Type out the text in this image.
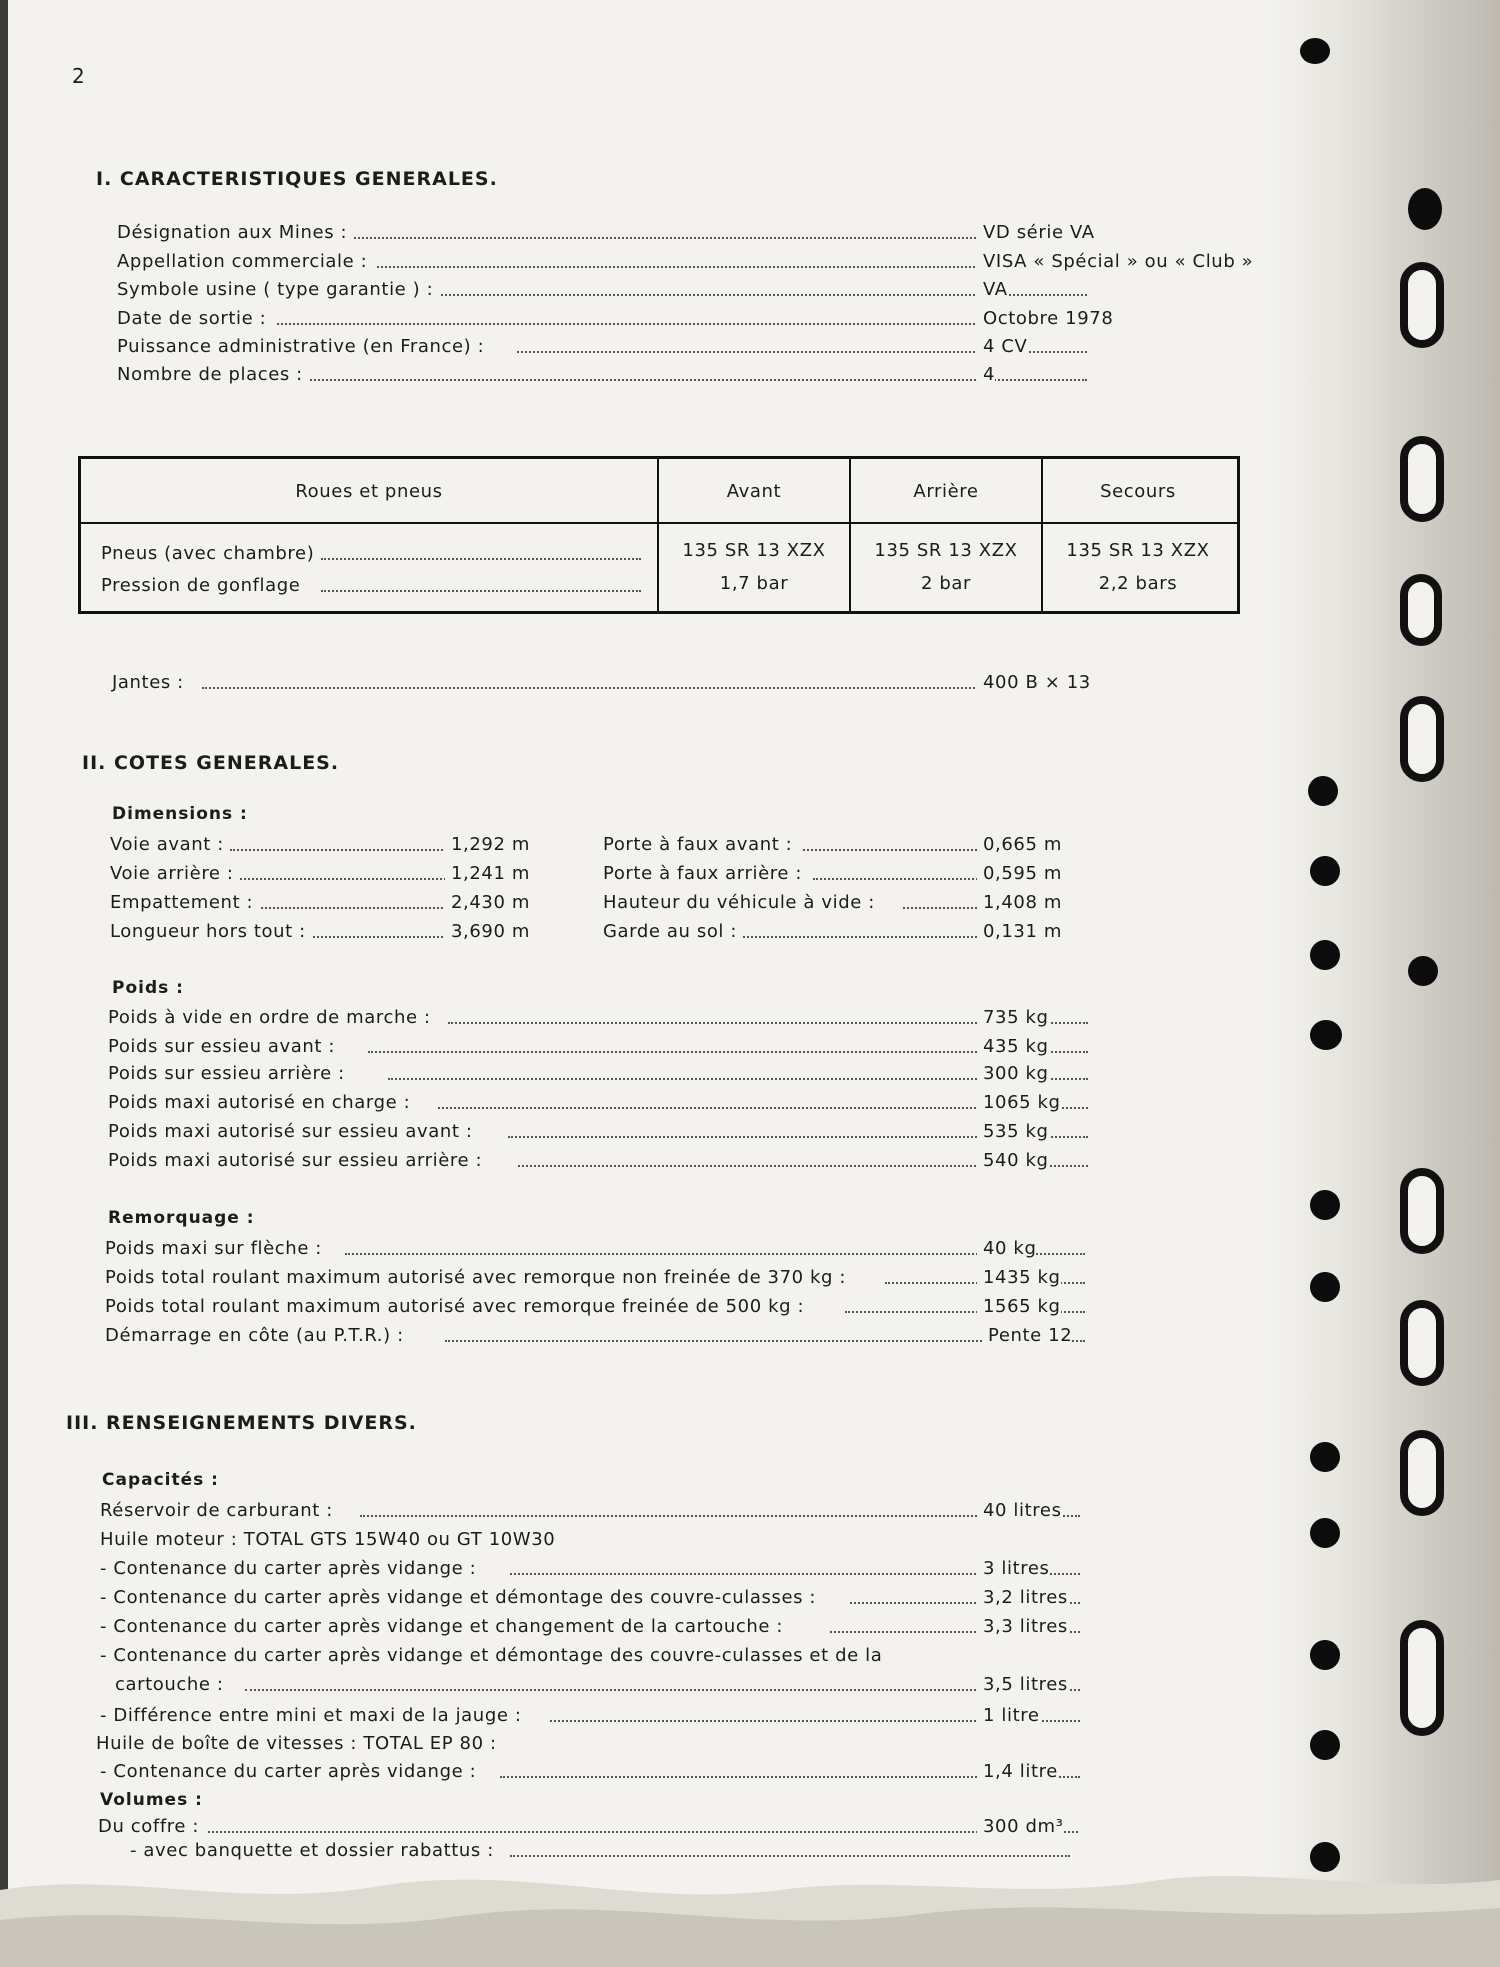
2
I. CARACTERISTIQUES GENERALES.
Désignation aux Mines :	VD série VA
Appellation commerciale :	VISA « Spécial » ou « Club »
Symbole usine ( type garantie ) :	VA
Date de sortie :	Octobre 1978
Puissance administrative (en France) :	4 CV
Nombre de places :	4
Roues et pneus	Avant	Arrière	Secours
Pneus (avec chambre)	135 SR 13 XZX	135 SR 13 XZX	135 SR 13 XZX
Pression de gonflage	1,7 bar	2 bar	2,2 bars
Jantes :	400 B × 13
II. COTES GENERALES.
Dimensions :
Voie avant :	1,292 m
Voie arrière :	1,241 m
Empattement :	2,430 m
Longueur hors tout :	3,690 m
Porte à faux avant :	0,665 m
Porte à faux arrière :	0,595 m
Hauteur du véhicule à vide :	1,408 m
Garde au sol :	0,131 m
Poids :
Poids à vide en ordre de marche :	735 kg
Poids sur essieu avant :	435 kg
Poids sur essieu arrière :	300 kg
Poids maxi autorisé en charge :	1065 kg
Poids maxi autorisé sur essieu avant :	535 kg
Poids maxi autorisé sur essieu arrière :	540 kg
Remorquage :
Poids maxi sur flèche :	40 kg
Poids total roulant maximum autorisé avec remorque non freinée de 370 kg :	1435 kg
Poids total roulant maximum autorisé avec remorque freinée de 500 kg :	1565 kg
Démarrage en côte (au P.T.R.) :	Pente 12
III. RENSEIGNEMENTS DIVERS.
Capacités :
Réservoir de carburant :	40 litres
Huile moteur : TOTAL GTS 15W40 ou GT 10W30
- Contenance du carter après vidange :	3 litres
- Contenance du carter après vidange et démontage des couvre-culasses :	3,2 litres
- Contenance du carter après vidange et changement de la cartouche :	3,3 litres
- Contenance du carter après vidange et démontage des couvre-culasses et de la
cartouche :	3,5 litres
- Différence entre mini et maxi de la jauge :	1 litre
Huile de boîte de vitesses : TOTAL EP 80 :
- Contenance du carter après vidange :	1,4 litre
Volumes :
Du coffre :	300 dm³
- avec banquette et dossier rabattus :
